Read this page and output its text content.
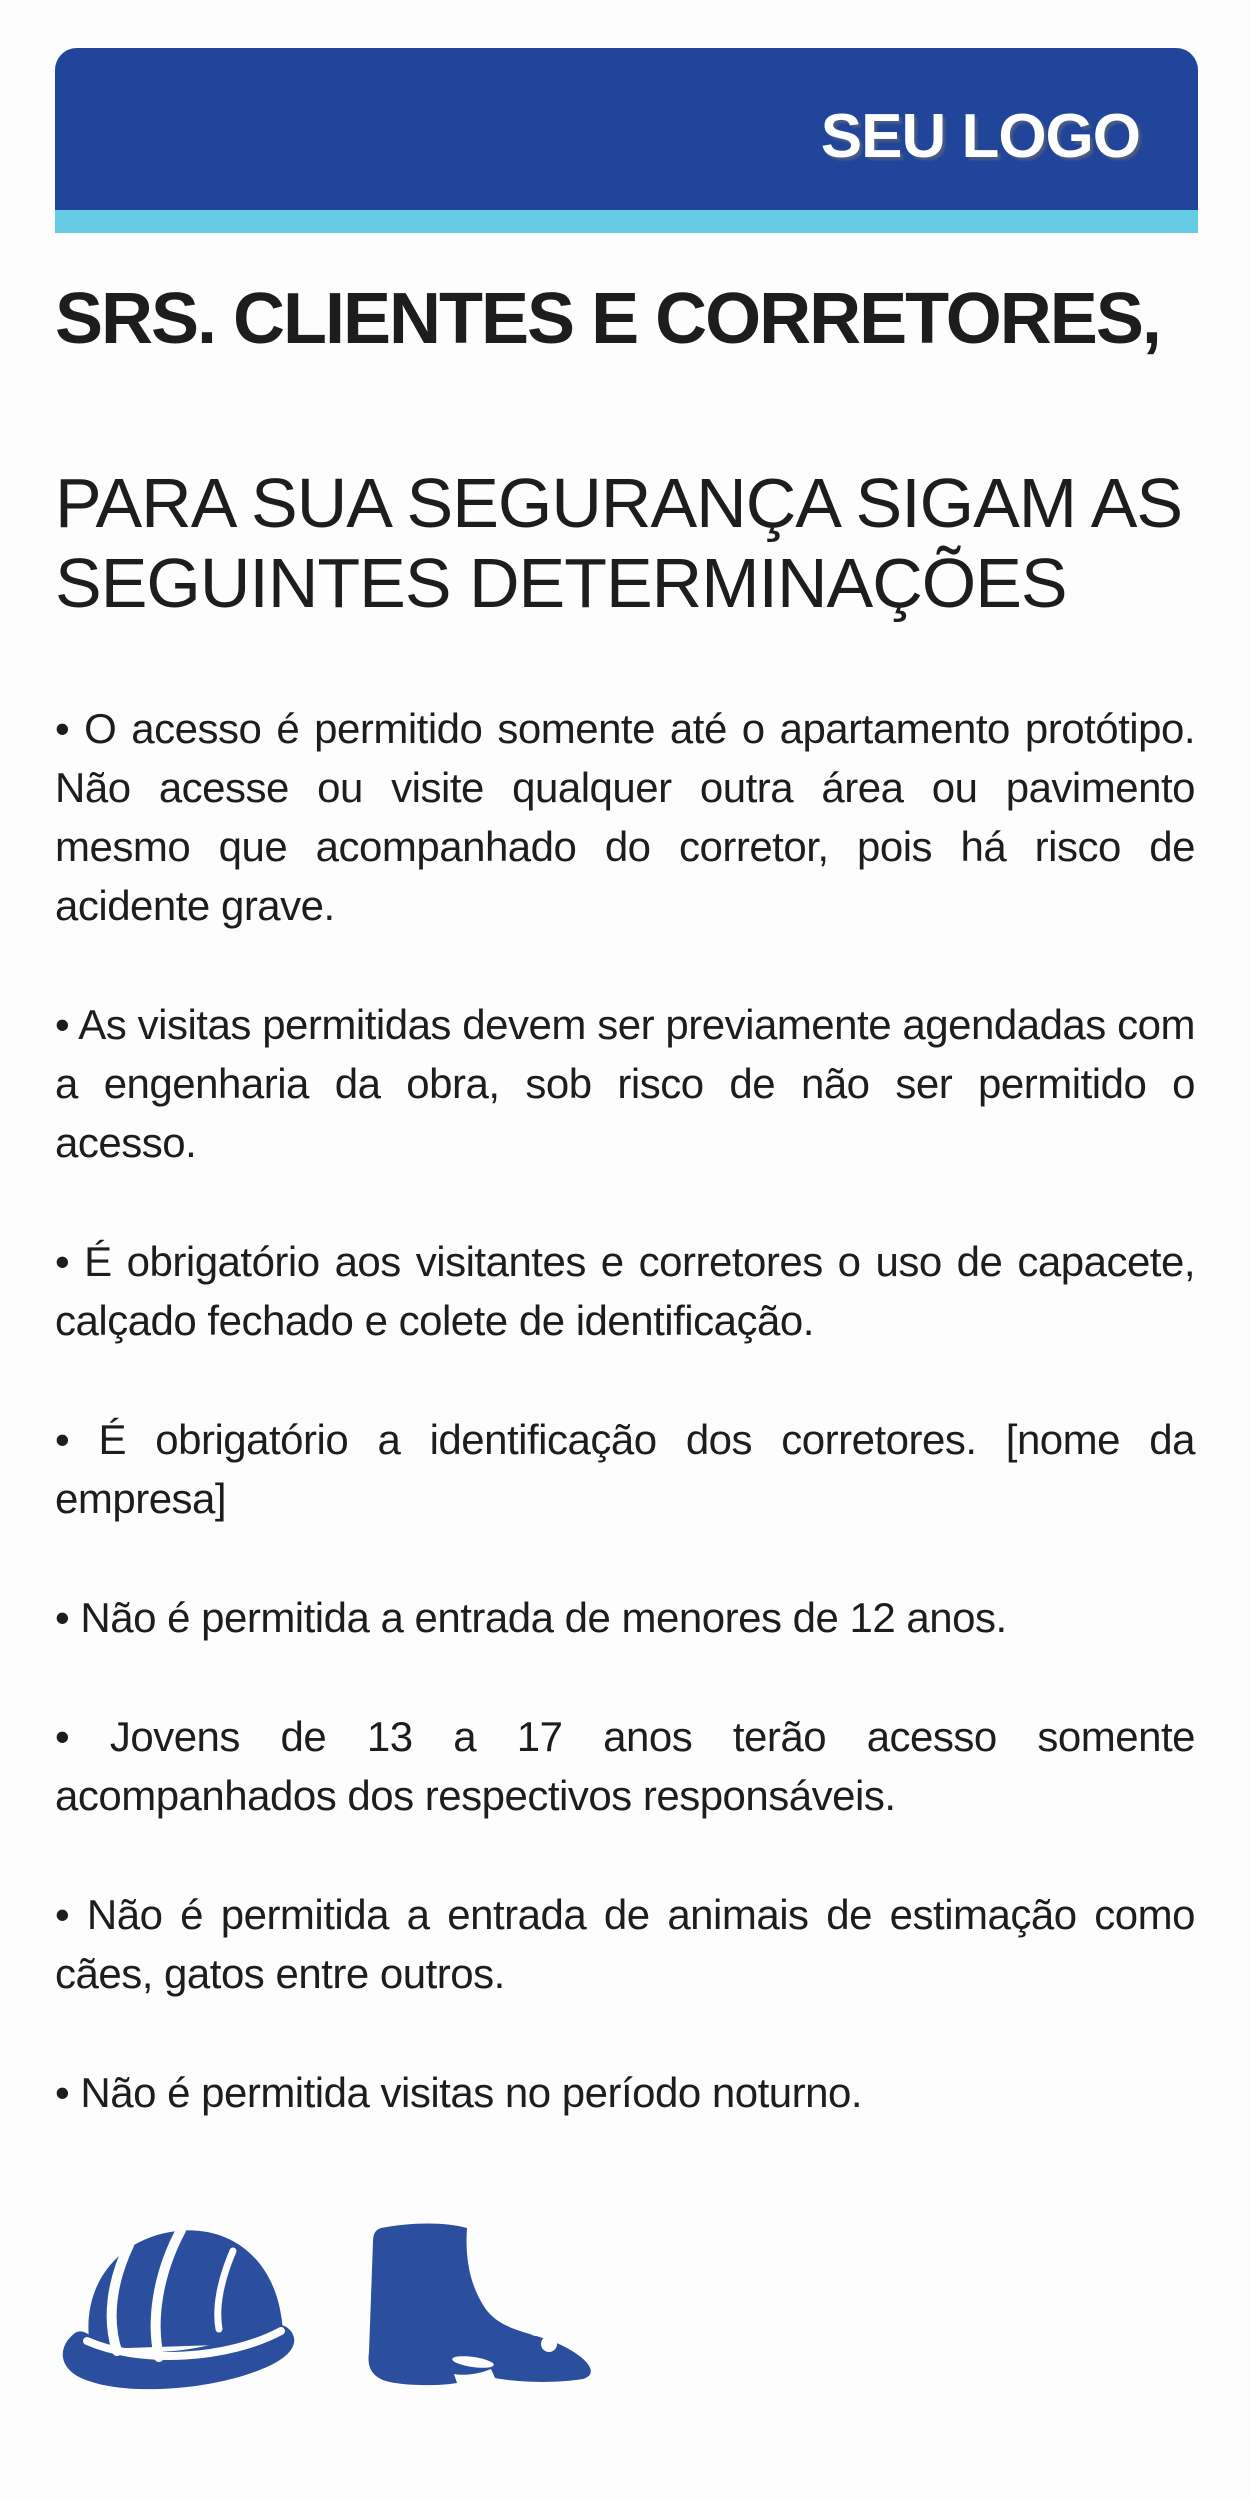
SEU LOGO
SRS. CLIENTES E CORRETORES,
PARA SUA SEGURANÇA SIGAM AS SEGUINTES DETERMINAÇÕES

• O acesso é permitido somente até o apartamento protótipo. Não acesse ou visite qualquer outra área ou pavimento mesmo que acompanhado do corretor, pois há risco de acidente grave.

• As visitas permitidas devem ser previamente agendadas com a engenharia da obra, sob risco de não ser permitido o acesso.

• É obrigatório aos visitantes e corretores o uso de capacete, calçado fechado e colete de identificação.

• É obrigatório a identificação dos corretores. [nome da empresa]

• Não é permitida a entrada de menores de 12 anos.

• Jovens de 13 a 17 anos terão acesso somente acompanhados dos respectivos responsáveis.

• Não é permitida a entrada de animais de estimação como cães, gatos entre outros.

• Não é permitida visitas no período noturno.
